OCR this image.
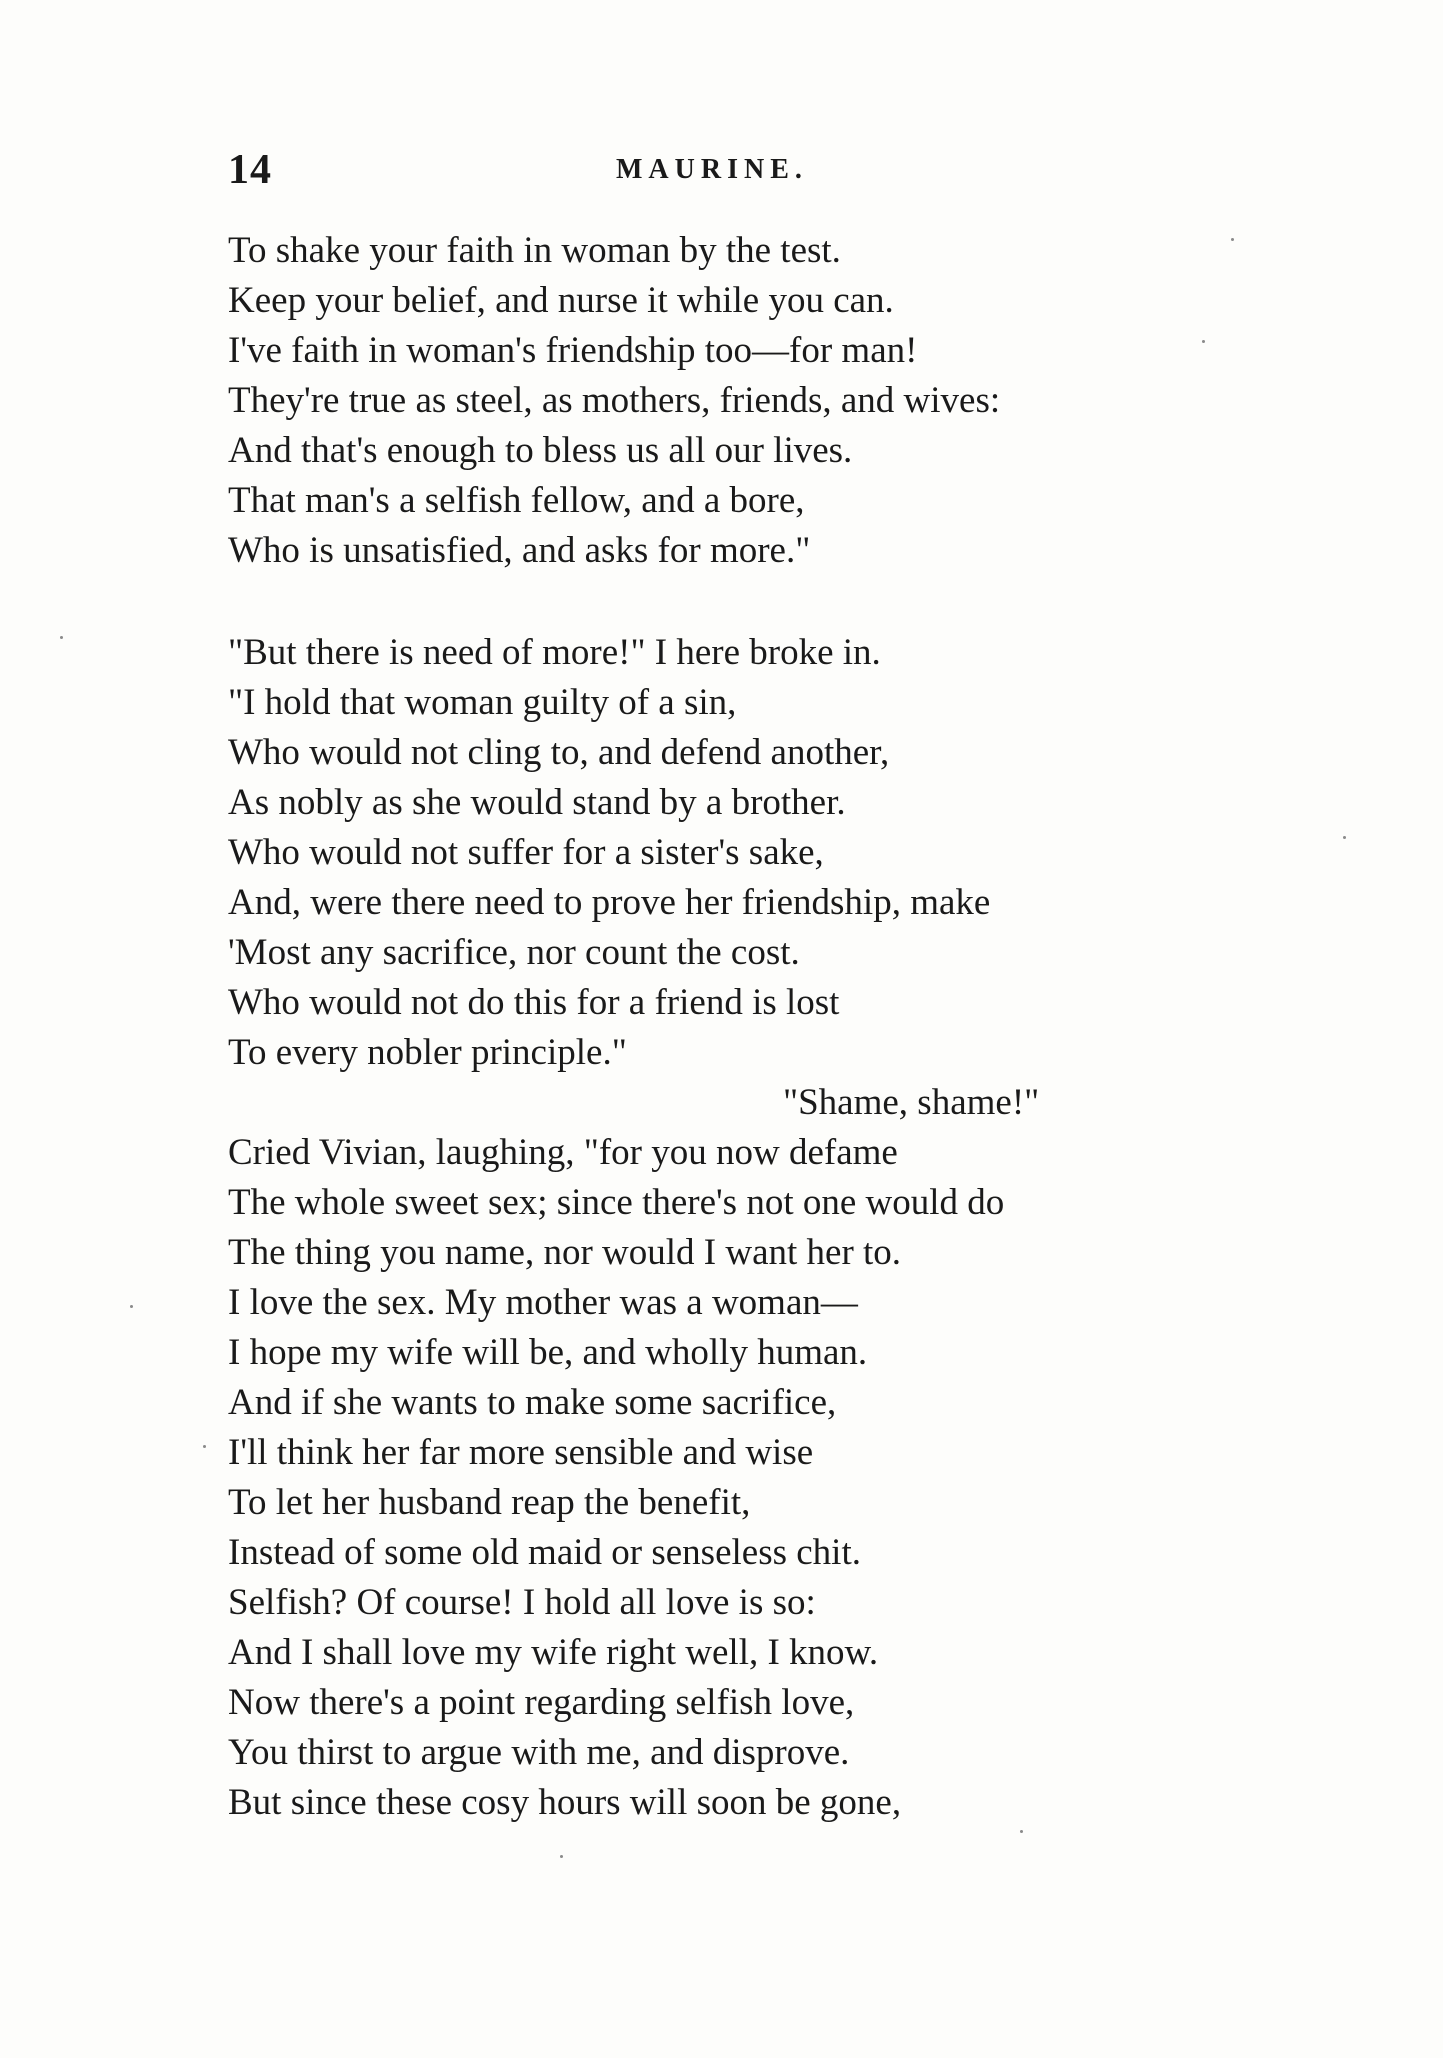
14	MAURINE.
To shake your faith in woman by the test.
Keep your belief, and nurse it while you can.
I've faith in woman's friendship too—for man!
They're true as steel, as mothers, friends, and wives:
And that's enough to bless us all our lives.
That man's a selfish fellow, and a bore,
Who is unsatisfied, and asks for more."
"But there is need of more!" I here broke in.
"I hold that woman guilty of a sin,
Who would not cling to, and defend another,
As nobly as she would stand by a brother.
Who would not suffer for a sister's sake,
And, were there need to prove her friendship, make
'Most any sacrifice, nor count the cost.
Who would not do this for a friend is lost
To every nobler principle."
"Shame, shame!"
Cried Vivian, laughing, "for you now defame
The whole sweet sex; since there's not one would do
The thing you name, nor would I want her to.
I love the sex. My mother was a woman—
I hope my wife will be, and wholly human.
And if she wants to make some sacrifice,
I'll think her far more sensible and wise
To let her husband reap the benefit,
Instead of some old maid or senseless chit.
Selfish? Of course! I hold all love is so:
And I shall love my wife right well, I know.
Now there's a point regarding selfish love,
You thirst to argue with me, and disprove.
But since these cosy hours will soon be gone,
